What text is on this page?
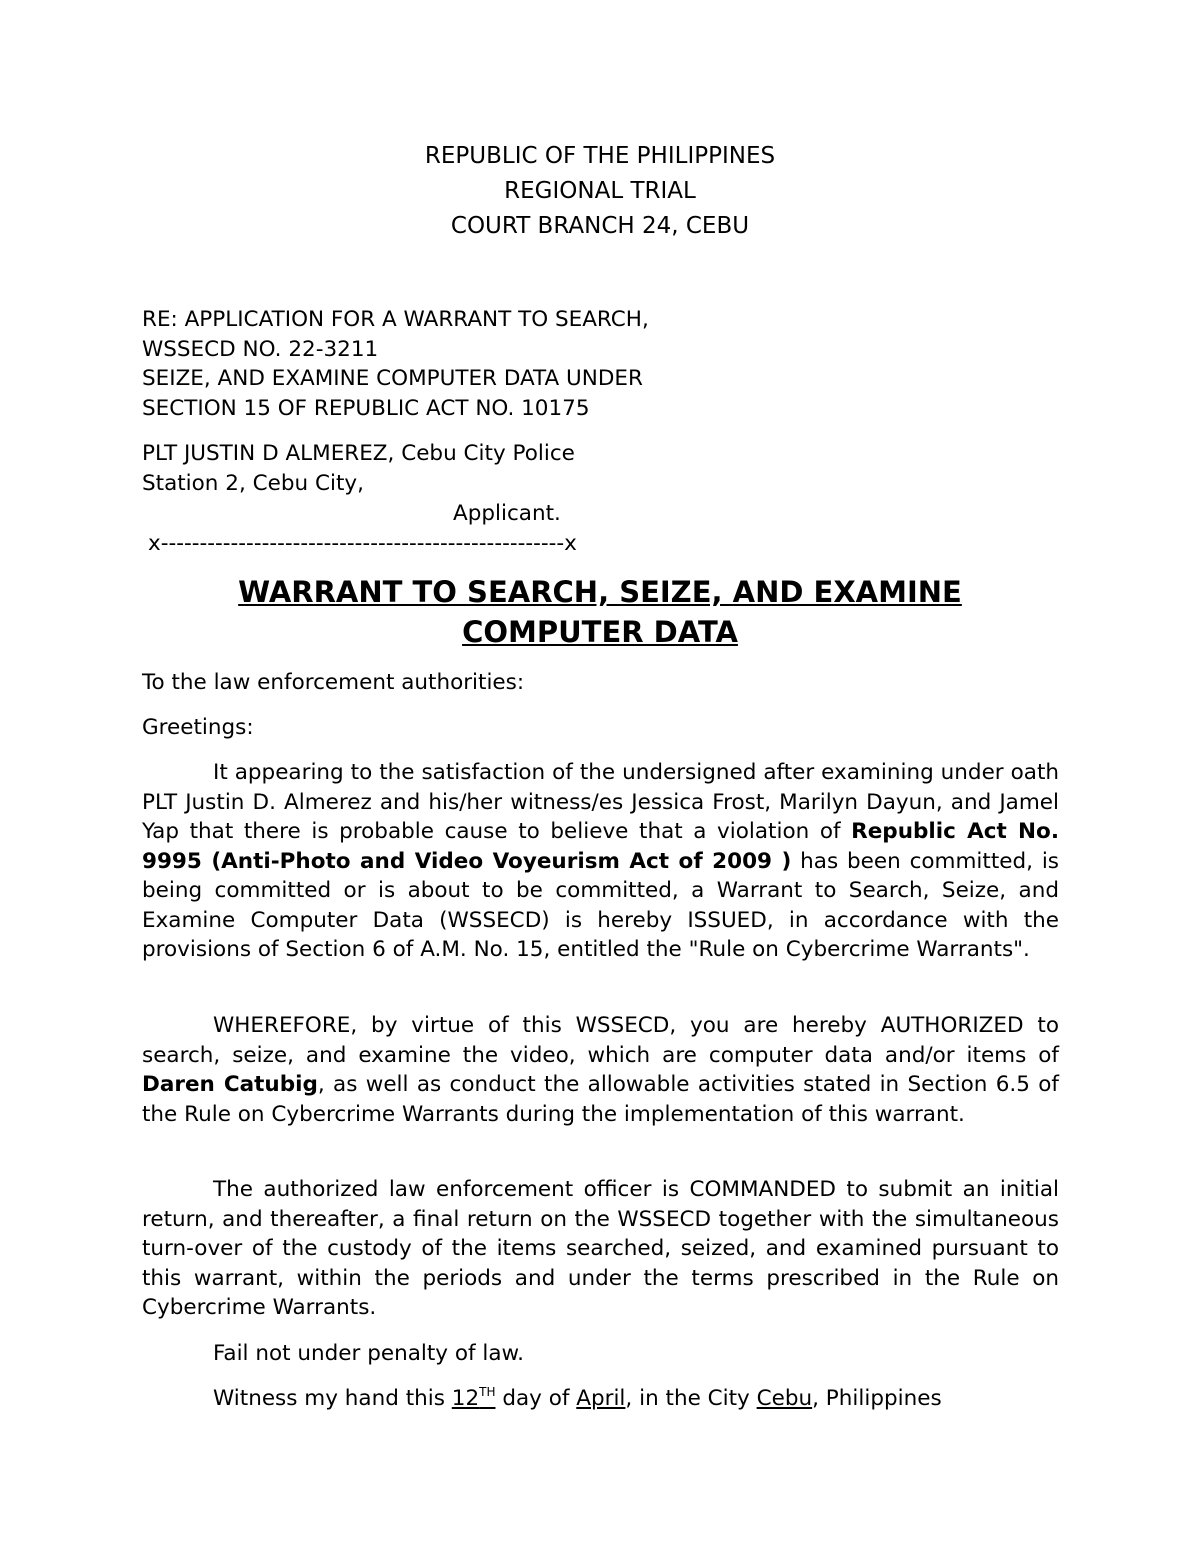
REPUBLIC OF THE PHILIPPINES

REGIONAL TRIAL

COURT BRANCH 24, CEBU

RE: APPLICATION FOR A WARRANT TO SEARCH,

WSSECD NO. 22-3211

SEIZE, AND EXAMINE COMPUTER DATA UNDER

SECTION 15 OF REPUBLIC ACT NO. 10175

PLT JUSTIN D ALMEREZ, Cebu City Police

Station 2, Cebu City,

Applicant.

x----------------------------------------------------x

WARRANT TO SEARCH, SEIZE, AND EXAMINE

COMPUTER DATA

To the law enforcement authorities:

Greetings:

It appearing to the satisfaction of the undersigned after examining under oath PLT Justin D. Almerez and his/her witness/es Jessica Frost, Marilyn Dayun, and Jamel Yap that there is probable cause to believe that a violation of Republic Act No. 9995 (Anti-Photo and Video Voyeurism Act of 2009 ) has been committed, is being committed or is about to be committed, a Warrant to Search, Seize, and Examine Computer Data (WSSECD) is hereby ISSUED, in accordance with the provisions of Section 6 of A.M. No. 15, entitled the "Rule on Cybercrime Warrants".

WHEREFORE, by virtue of this WSSECD, you are hereby AUTHORIZED to search, seize, and examine the video, which are computer data and/or items of Daren Catubig, as well as conduct the allowable activities stated in Section 6.5 of the Rule on Cybercrime Warrants during the implementation of this warrant.

The authorized law enforcement officer is COMMANDED to submit an initial return, and thereafter, a final return on the WSSECD together with the simultaneous turn-over of the custody of the items searched, seized, and examined pursuant to this warrant, within the periods and under the terms prescribed in the Rule on Cybercrime Warrants.

Fail not under penalty of law.

Witness my hand this 12TH day of April, in the City Cebu, Philippines
